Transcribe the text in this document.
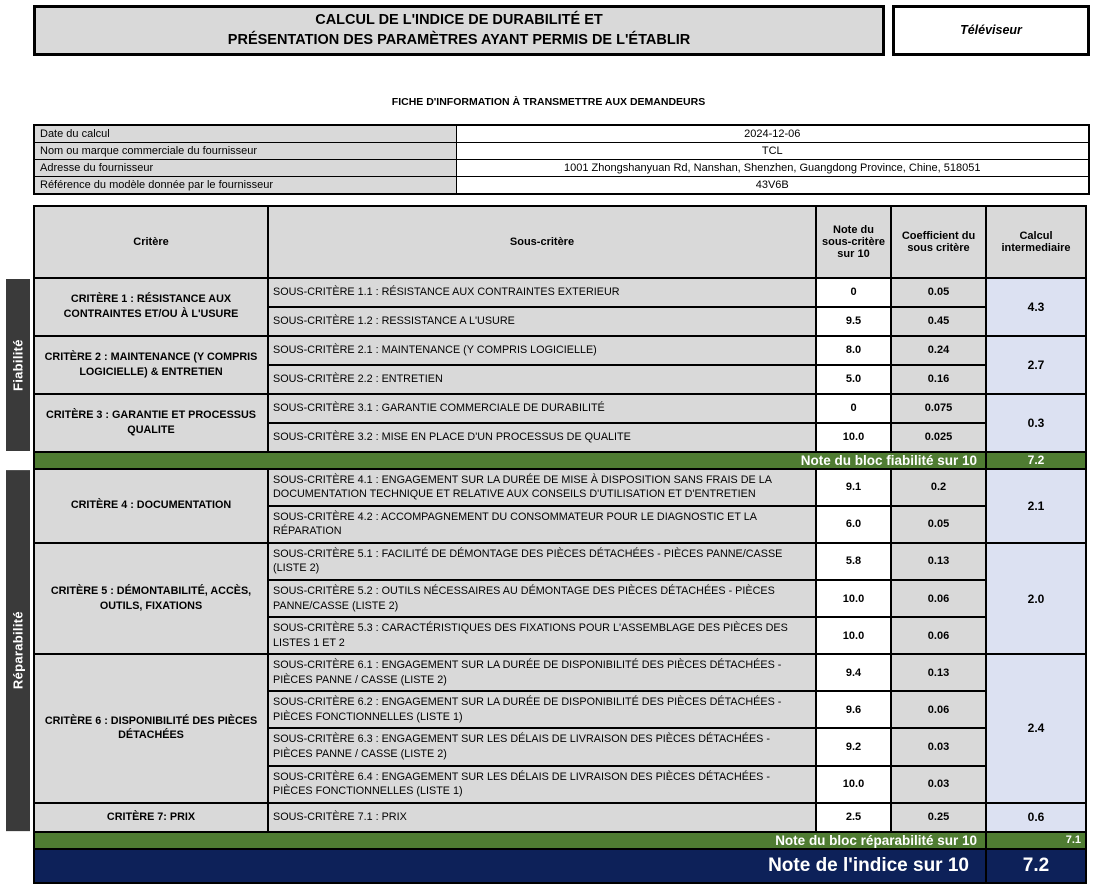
CALCUL DE L'INDICE DE DURABILITÉ ET
PRÉSENTATION DES PARAMÈTRES AYANT PERMIS DE L'ÉTABLIR
Téléviseur
FICHE D'INFORMATION À TRANSMETTRE AUX DEMANDEURS
Date du calcul	2024-12-06
Nom ou marque commerciale du fournisseur	TCL
Adresse du fournisseur	1001 Zhongshanyuan Rd, Nanshan, Shenzhen, Guangdong Province, Chine, 518051
Référence du modèle donnée par le fournisseur	43V6B
Critère	Sous-critère	Note du sous-critère sur 10	Coefficient du sous critère	Calcul intermediaire
CRITÈRE 1 : RÉSISTANCE AUX CONTRAINTES ET/OU À L'USURE	SOUS-CRITÈRE 1.1 : RÉSISTANCE AUX CONTRAINTES EXTERIEUR	0	0.05	4.3
	SOUS-CRITÈRE 1.2 : RESSISTANCE A L'USURE	9.5	0.45	
CRITÈRE 2 : MAINTENANCE (Y COMPRIS LOGICIELLE) & ENTRETIEN	SOUS-CRITÈRE 2.1 : MAINTENANCE (Y COMPRIS LOGICIELLE)	8.0	0.24	2.7
	SOUS-CRITÈRE 2.2 : ENTRETIEN	5.0	0.16	
CRITÈRE 3 : GARANTIE ET PROCESSUS QUALITE	SOUS-CRITÈRE 3.1 : GARANTIE COMMERCIALE DE DURABILITÉ	0	0.075	0.3
	SOUS-CRITÈRE 3.2 : MISE EN PLACE D'UN PROCESSUS DE QUALITE	10.0	0.025	
Note du bloc fiabilité sur 10				7.2
CRITÈRE 4 : DOCUMENTATION	SOUS-CRITÈRE 4.1 : ENGAGEMENT SUR LA DURÉE DE MISE À DISPOSITION SANS FRAIS DE LA DOCUMENTATION TECHNIQUE ET RELATIVE AUX CONSEILS D'UTILISATION ET D'ENTRETIEN	9.1	0.2	2.1
	SOUS-CRITÈRE 4.2 : ACCOMPAGNEMENT DU CONSOMMATEUR POUR LE DIAGNOSTIC ET LA RÉPARATION	6.0	0.05	
CRITÈRE 5 : DÉMONTABILITÉ, ACCÈS, OUTILS, FIXATIONS	SOUS-CRITÈRE 5.1 : FACILITÉ DE DÉMONTAGE DES PIÈCES DÉTACHÉES - PIÈCES PANNE/CASSE (LISTE 2)	5.8	0.13	2.0
	SOUS-CRITÈRE 5.2 : OUTILS NÉCESSAIRES AU DÉMONTAGE DES PIÈCES DÉTACHÉES - PIÈCES PANNE/CASSE (LISTE 2)	10.0	0.06	
	SOUS-CRITÈRE 5.3 : CARACTÉRISTIQUES DES FIXATIONS POUR L'ASSEMBLAGE DES PIÈCES DES LISTES 1 ET 2	10.0	0.06	
CRITÈRE 6 : DISPONIBILITÉ DES PIÈCES DÉTACHÉES	SOUS-CRITÈRE 6.1 : ENGAGEMENT SUR LA DURÉE DE DISPONIBILITÉ DES PIÈCES DÉTACHÉES - PIÈCES PANNE / CASSE (LISTE 2)	9.4	0.13	2.4
	SOUS-CRITÈRE 6.2 : ENGAGEMENT SUR LA DURÉE DE DISPONIBILITÉ DES PIÈCES DÉTACHÉES - PIÈCES FONCTIONNELLES (LISTE 1)	9.6	0.06	
	SOUS-CRITÈRE 6.3 : ENGAGEMENT SUR LES DÉLAIS DE LIVRAISON DES PIÈCES DÉTACHÉES - PIÈCES PANNE / CASSE (LISTE 2)	9.2	0.03	
	SOUS-CRITÈRE 6.4 : ENGAGEMENT SUR LES DÉLAIS DE LIVRAISON DES PIÈCES DÉTACHÉES - PIÈCES FONCTIONNELLES (LISTE 1)	10.0	0.03	
CRITÈRE 7: PRIX	SOUS-CRITÈRE 7.1 : PRIX	2.5	0.25	0.6
Note du bloc réparabilité sur 10				7.1
Note de l'indice sur 10				7.2
Fiabilité
Réparabilité
